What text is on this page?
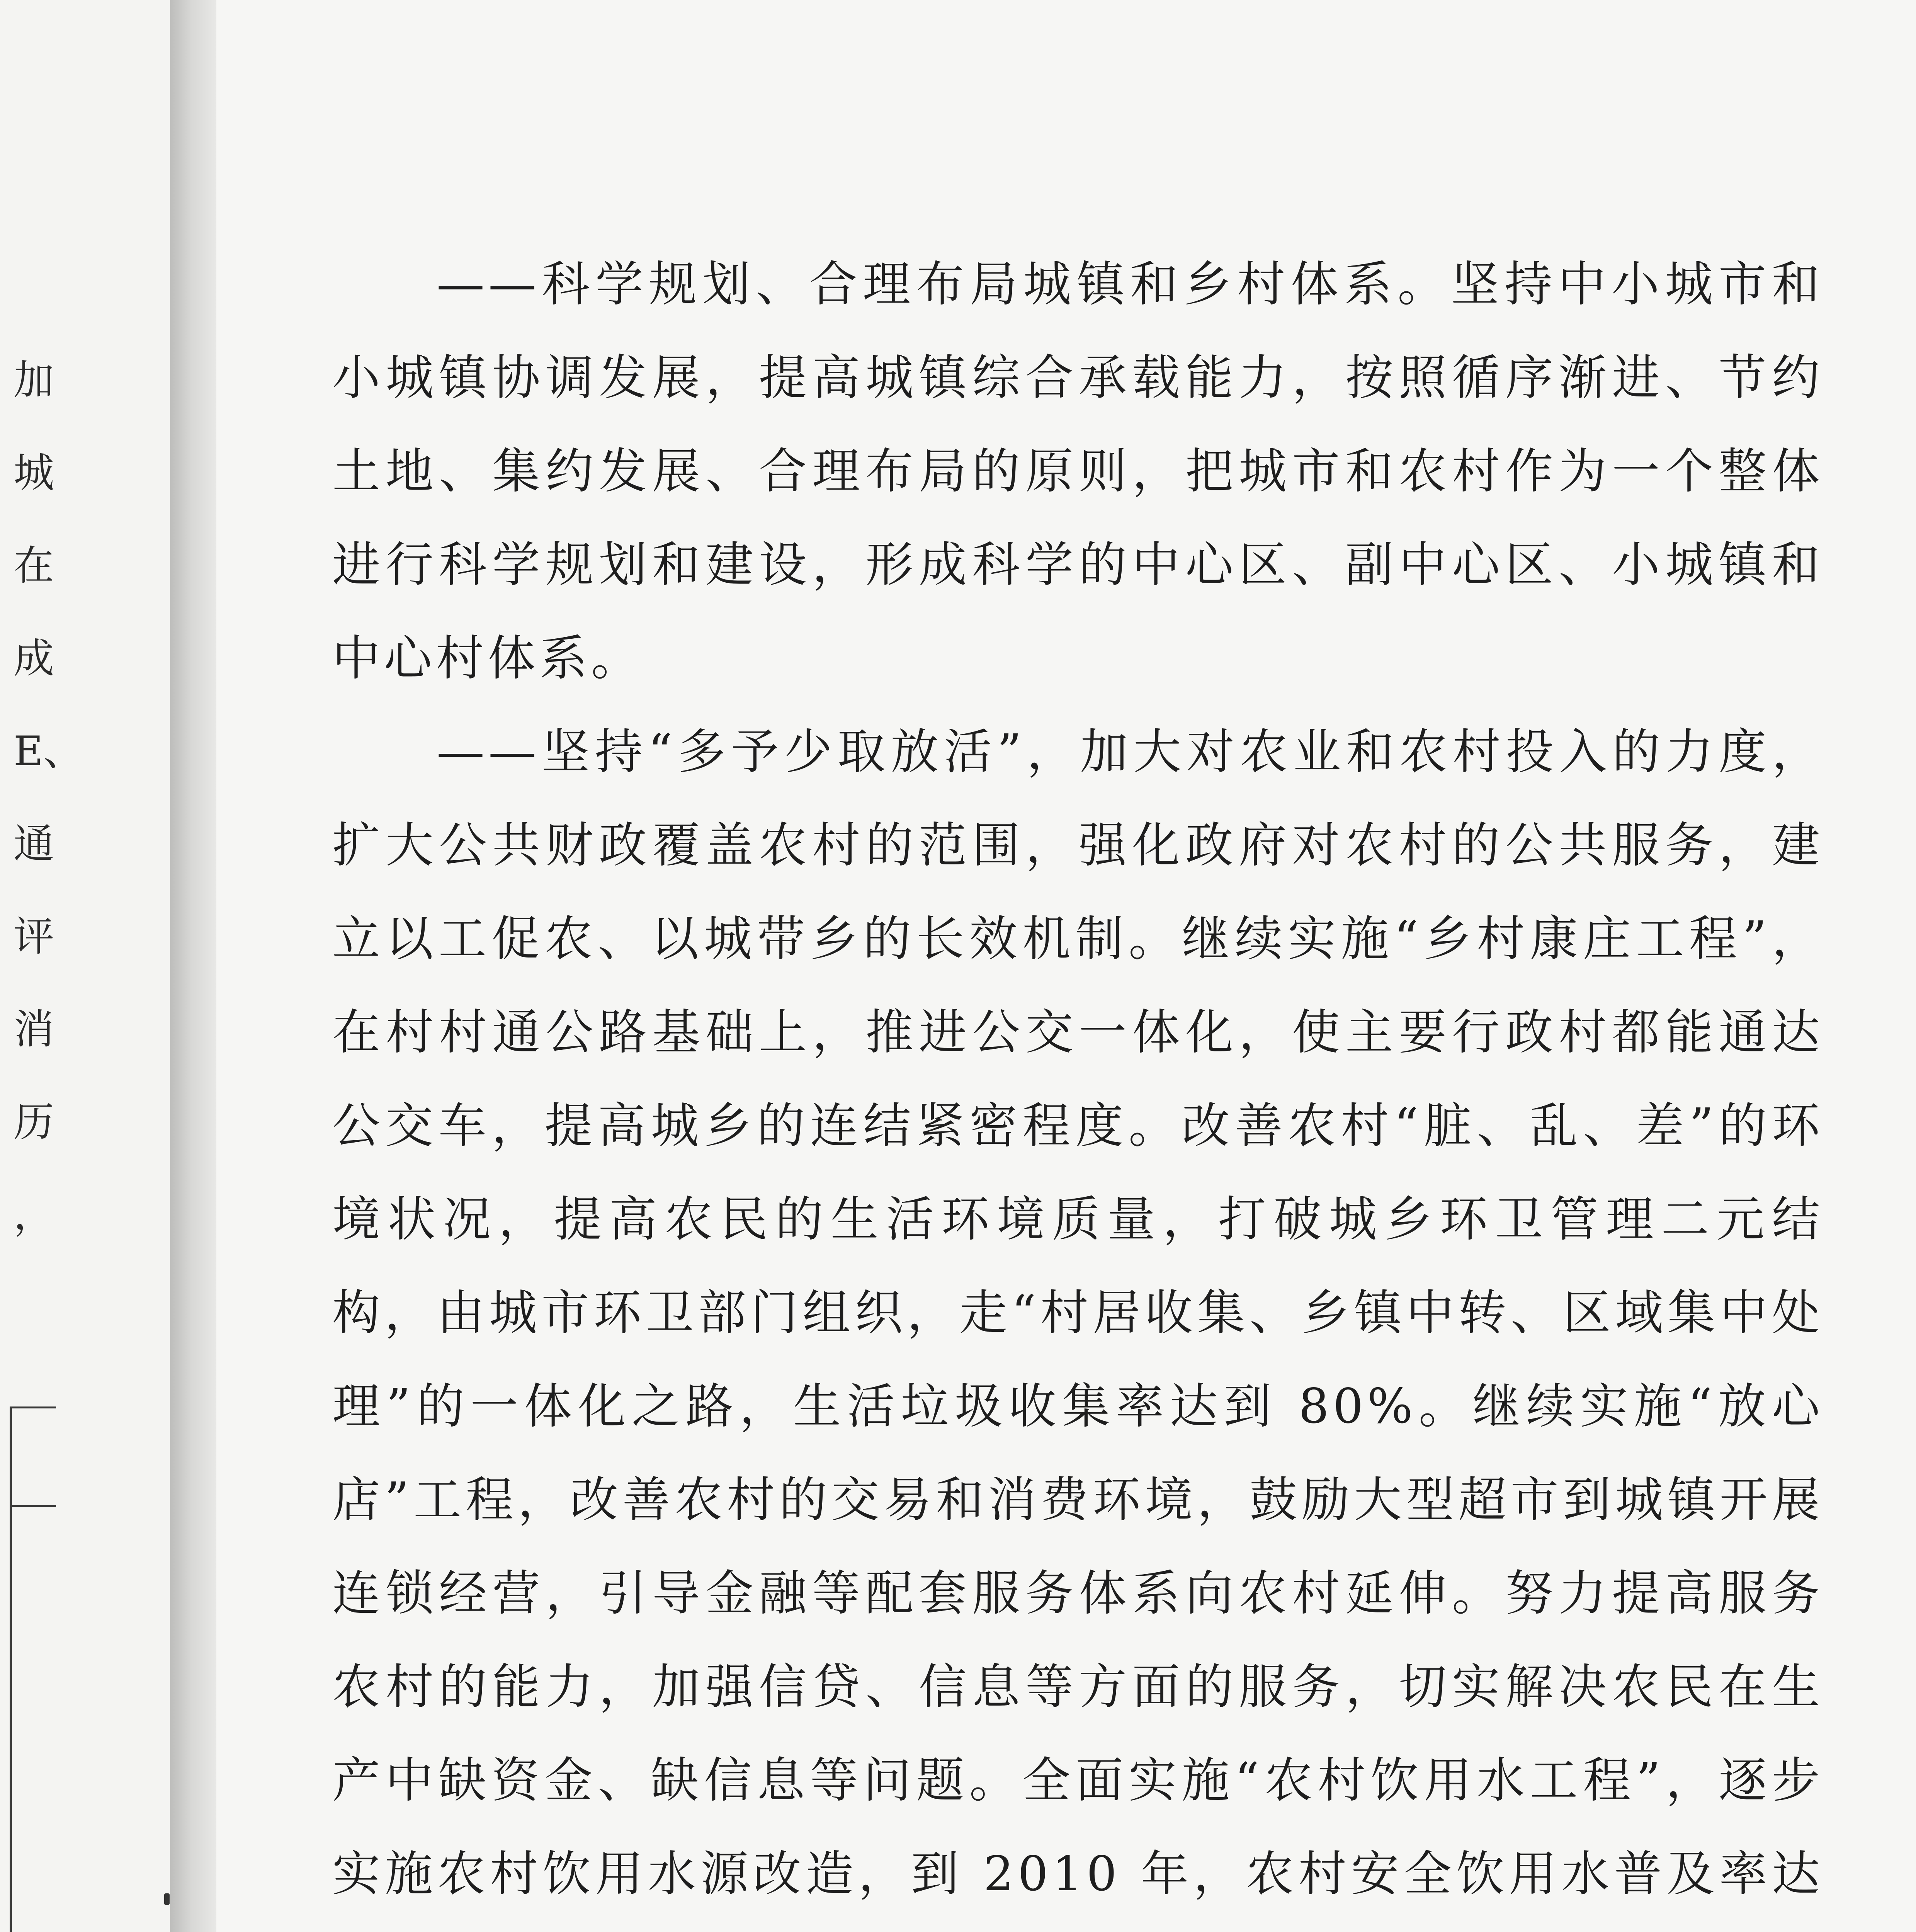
加
城
在
成
E、
通
评
消
历
，

——科学规划、合理布局城镇和乡村体系。坚持中小城市和小城镇协调发展，提高城镇综合承载能力，按照循序渐进、节约土地、集约发展、合理布局的原则，把城市和农村作为一个整体进行科学规划和建设，形成科学的中心区、副中心区、小城镇和中心村体系。

——坚持“多予少取放活”，加大对农业和农村投入的力度，扩大公共财政覆盖农村的范围，强化政府对农村的公共服务，建立以工促农、以城带乡的长效机制。继续实施“乡村康庄工程”，在村村通公路基础上，推进公交一体化，使主要行政村都能通达公交车，提高城乡的连结紧密程度。改善农村“脏、乱、差”的环境状况，提高农民的生活环境质量，打破城乡环卫管理二元结构，由城市环卫部门组织，走“村居收集、乡镇中转、区域集中处理”的一体化之路，生活垃圾收集率达到 80%。继续实施“放心店”工程，改善农村的交易和消费环境，鼓励大型超市到城镇开展连锁经营，引导金融等配套服务体系向农村延伸。努力提高服务农村的能力，加强信贷、信息等方面的服务，切实解决农民在生产中缺资金、缺信息等问题。全面实施“农村饮用水工程”，逐步实施农村饮用水源改造，到 2010 年，农村安全饮用水普及率达
